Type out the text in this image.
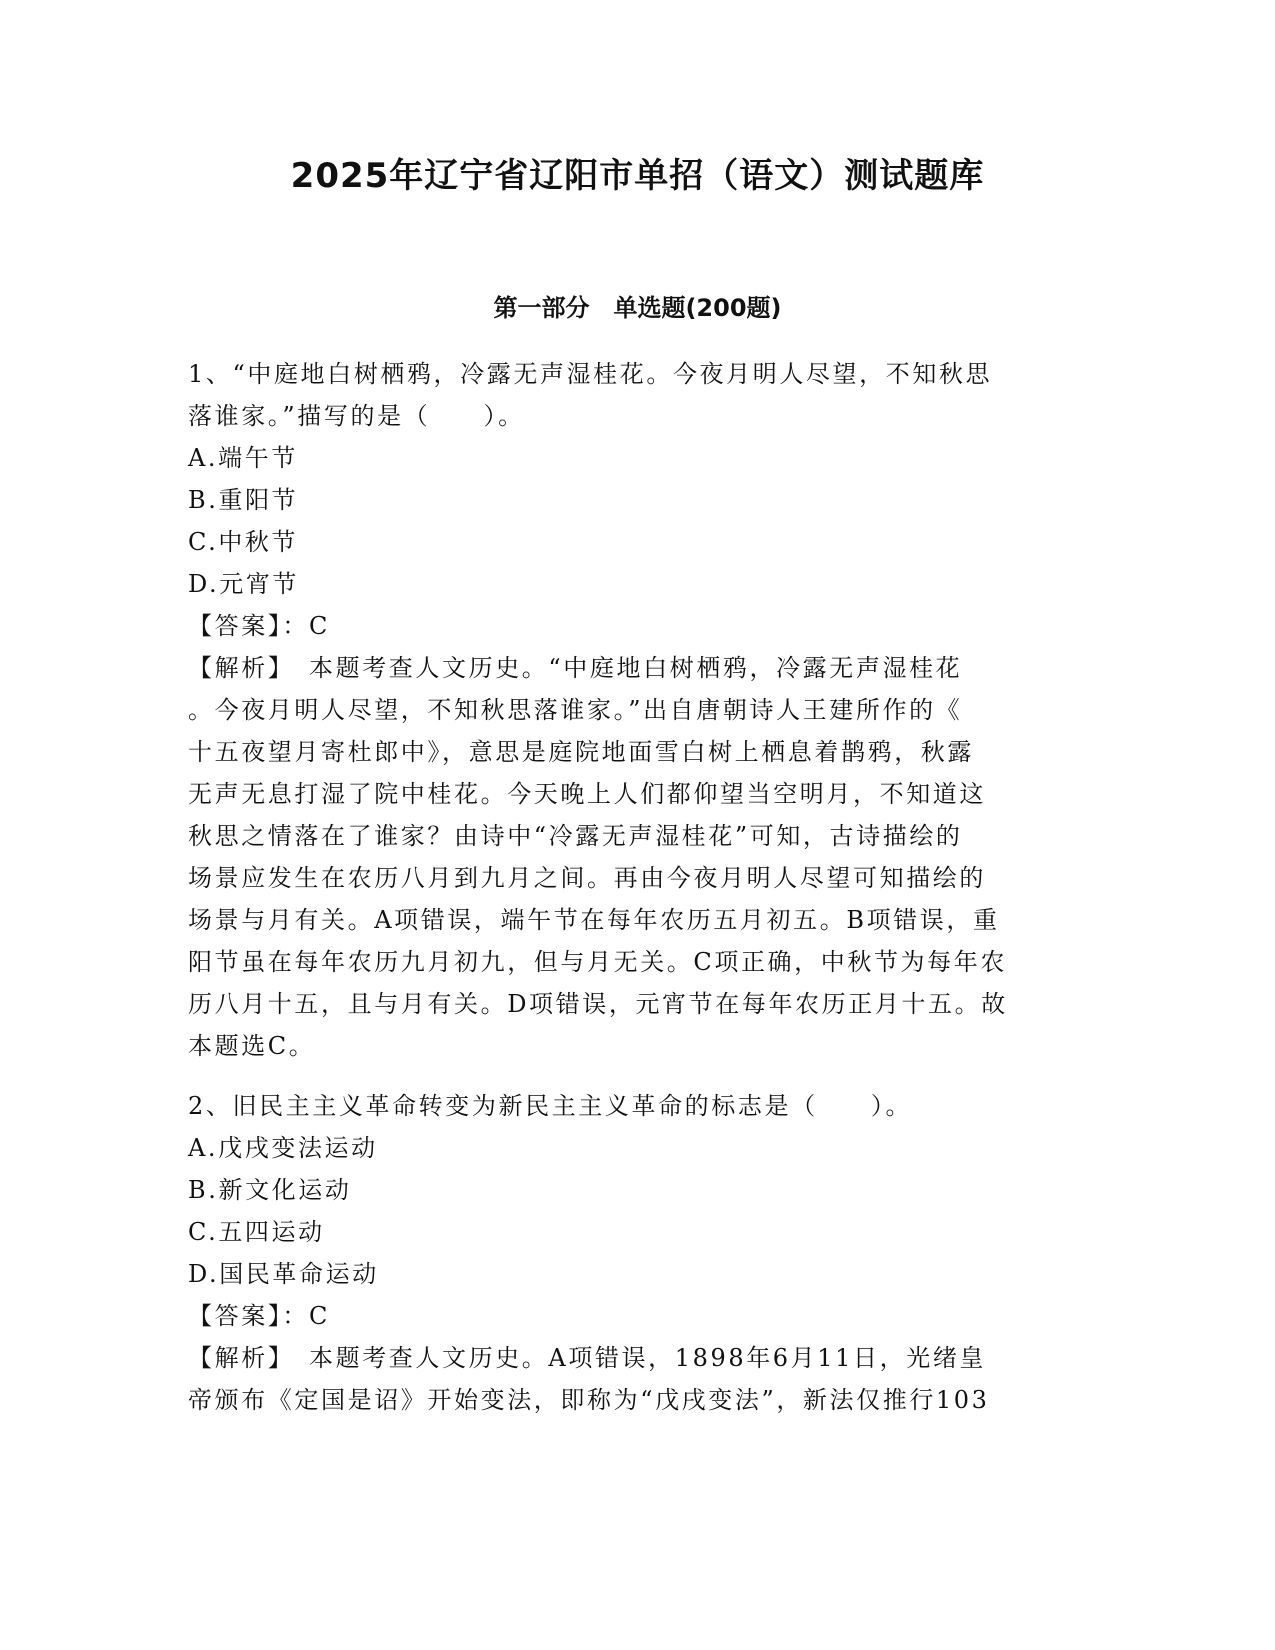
2025年辽宁省辽阳市单招（语文）测试题库
第一部分　单选题(200题)
1、“中庭地白树栖鸦，冷露无声湿桂花。今夜月明人尽望，不知秋思
落谁家。”描写的是（　　）。
A.端午节
B.重阳节
C.中秋节
D.元宵节
【答案】：C
【解析】　本题考查人文历史。“中庭地白树栖鸦，冷露无声湿桂花
。今夜月明人尽望，不知秋思落谁家。”出自唐朝诗人王建所作的《
十五夜望月寄杜郎中》，意思是庭院地面雪白树上栖息着鹊鸦，秋露
无声无息打湿了院中桂花。今天晚上人们都仰望当空明月，不知道这
秋思之情落在了谁家？由诗中“冷露无声湿桂花”可知，古诗描绘的
场景应发生在农历八月到九月之间。再由今夜月明人尽望可知描绘的
场景与月有关。A项错误，端午节在每年农历五月初五。B项错误，重
阳节虽在每年农历九月初九，但与月无关。C项正确，中秋节为每年农
历八月十五，且与月有关。D项错误，元宵节在每年农历正月十五。故
本题选C。
2、旧民主主义革命转变为新民主主义革命的标志是（　　）。
A.戊戌变法运动
B.新文化运动
C.五四运动
D.国民革命运动
【答案】：C
【解析】　本题考查人文历史。A项错误，1898年6月11日，光绪皇
帝颁布《定国是诏》开始变法，即称为“戊戌变法”，新法仅推行103
